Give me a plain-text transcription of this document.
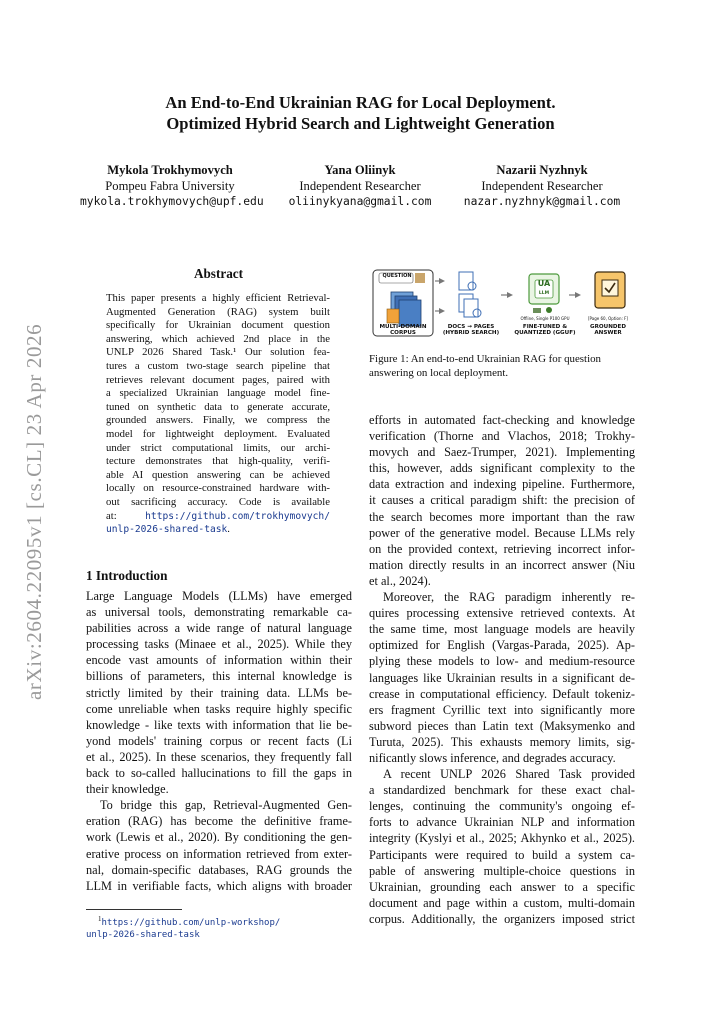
arXiv:2604.22095v1 [cs.CL] 23 Apr 2026
An End-to-End Ukrainian RAG for Local Deployment.
Optimized Hybrid Search and Lightweight Generation
Mykola Trokhymovych
Pompeu Fabra University
mykola.trokhymovych@upf.edu
Yana Oliinyk
Independent Researcher
oliinykyana@gmail.com
Nazarii Nyzhnyk
Independent Researcher
nazar.nyzhnyk@gmail.com
Abstract
This paper presents a highly efficient Retrieval-
Augmented Generation (RAG) system built
specifically for Ukrainian document question
answering, which achieved 2nd place in the
UNLP 2026 Shared Task.¹ Our solution fea-
tures a custom two-stage search pipeline that
retrieves relevant document pages, paired with
a specialized Ukrainian language model fine-
tuned on synthetic data to generate accurate,
grounded answers. Finally, we compress the
model for lightweight deployment. Evaluated
under strict computational limits, our archi-
tecture demonstrates that high-quality, verifi-
able AI question answering can be achieved
locally on resource-constrained hardware with-
out sacrificing accuracy. Code is available
at:	https://github.com/trokhymovych/
unlp-2026-shared-task.
1 Introduction
Large Language Models (LLMs) have emerged
as universal tools, demonstrating remarkable ca-
pabilities across a wide range of natural language
processing tasks (Minaee et al., 2025). While they
encode vast amounts of information within their
billions of parameters, this internal knowledge is
strictly limited by their training data. LLMs be-
come unreliable when tasks require highly specific
knowledge - like texts with information that lie be-
yond models' training corpus or recent facts (Li
et al., 2025). In these scenarios, they frequently fall
back to so-called hallucinations to fill the gaps in
their knowledge.
To bridge this gap, Retrieval-Augmented Gen-
eration (RAG) has become the definitive frame-
work (Lewis et al., 2020). By conditioning the gen-
erative process on information retrieved from exter-
nal, domain-specific databases, RAG grounds the
LLM in verifiable facts, which aligns with broader
$^1$https://github.com/unlp-workshop/
unlp-2026-shared-task
QUESTION
MULTI-DOMAIN
CORPUS
DOCS → PAGES
(HYBRID SEARCH)
UA
LLM
Offline, Single P100 GPU
FINE-TUNED &
QUANTIZED (GGUF)
[Page 60, Option: F]
GROUNDED
ANSWER
Figure 1: An end-to-end Ukrainian RAG for question answering on local deployment.
efforts in automated fact-checking and knowledge
verification (Thorne and Vlachos, 2018; Trokhy-
movych and Saez-Trumper, 2021). Implementing
this, however, adds significant complexity to the
data extraction and indexing pipeline. Furthermore,
it causes a critical paradigm shift: the precision of
the search becomes more important than the raw
power of the generative model. Because LLMs rely
on the provided context, retrieving incorrect infor-
mation directly results in an incorrect answer (Niu
et al., 2024).
Moreover, the RAG paradigm inherently re-
quires processing extensive retrieved contexts. At
the same time, most language models are heavily
optimized for English (Vargas-Parada, 2025). Ap-
plying these models to low- and medium-resource
languages like Ukrainian results in a significant de-
crease in computational efficiency. Default tokeniz-
ers fragment Cyrillic text into significantly more
subword pieces than Latin text (Maksymenko and
Turuta, 2025). This exhausts memory limits, sig-
nificantly slows inference, and degrades accuracy.
A recent UNLP 2026 Shared Task provided
a standardized benchmark for these exact chal-
lenges, continuing the community's ongoing ef-
forts to advance Ukrainian NLP and information
integrity (Kyslyi et al., 2025; Akhynko et al., 2025).
Participants were required to build a system ca-
pable of answering multiple-choice questions in
Ukrainian, grounding each answer to a specific
document and page within a custom, multi-domain
corpus. Additionally, the organizers imposed strict
